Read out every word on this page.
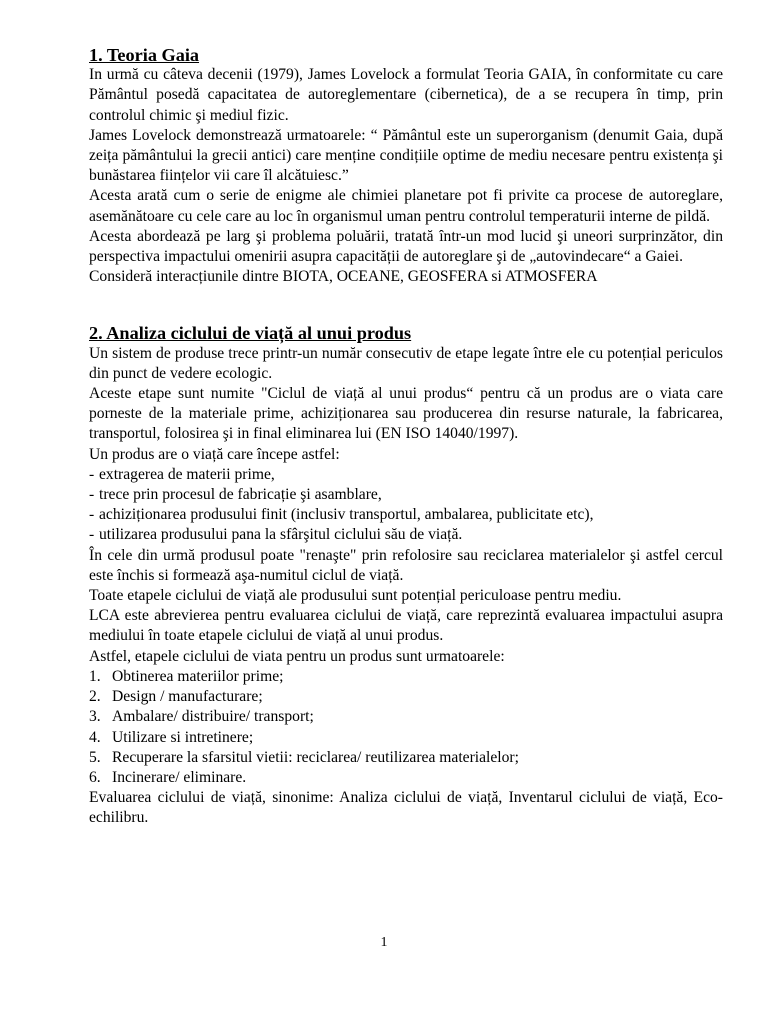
1. Teoria Gaia

In urmă cu câteva decenii (1979), James Lovelock a formulat Teoria GAIA, în conformitate cu care Pământul posedă capacitatea de autoreglementare (cibernetica), de a se recupera în timp, prin controlul chimic şi mediul fizic.

James Lovelock demonstrează urmatoarele: “ Pământul este un superorganism (denumit Gaia, după zeița pământului la grecii antici) care menține condițiile optime de mediu necesare pentru existența şi bunăstarea ființelor vii care îl alcătuiesc.”

Acesta arată cum o serie de enigme ale chimiei planetare pot fi privite ca procese de autoreglare, asemănătoare cu cele care au loc în organismul uman pentru controlul temperaturii interne de pildă.

Acesta abordează pe larg şi problema poluării, tratată într-un mod lucid şi uneori surprinzător, din perspectiva impactului omenirii asupra capacității de autoreglare şi de „autovindecare“ a Gaiei.

Consideră interacțiunile dintre BIOTA, OCEANE, GEOSFERA si ATMOSFERA

2. Analiza ciclului de viață al unui produs

Un sistem de produse trece printr-un număr consecutiv de etape legate între ele cu potențial periculos din punct de vedere ecologic.

Aceste etape sunt numite "Ciclul de viață al unui produs“ pentru că un produs are o viata care porneste de la materiale prime, achiziționarea sau producerea din resurse naturale, la fabricarea, transportul, folosirea şi in final eliminarea lui (EN ISO 14040/1997).

Un produs are o viață care începe astfel:

- extragerea de materii prime,
- trece prin procesul de fabricație şi asamblare,
- achiziționarea produsului finit (inclusiv transportul, ambalarea, publicitate etc),
- utilizarea produsului pana la sfârşitul ciclului său de viață.

În cele din urmă produsul poate "renaşte" prin refolosire sau reciclarea materialelor şi astfel cercul este închis si formează aşa-numitul ciclul de viață.

Toate etapele ciclului de viață ale produsului sunt potențial periculoase pentru mediu.

LCA este abrevierea pentru evaluarea ciclului de viață, care reprezintă evaluarea impactului asupra mediului în toate etapele ciclului de viață al unui produs.

Astfel, etapele ciclului de viata pentru un produs sunt urmatoarele:

1. Obtinerea materiilor prime;
2. Design / manufacturare;
3. Ambalare/ distribuire/ transport;
4. Utilizare si intretinere;
5. Recuperare la sfarsitul vietii: reciclarea/ reutilizarea materialelor;
6. Incinerare/ eliminare.

Evaluarea ciclului de viață, sinonime: Analiza ciclului de viață, Inventarul ciclului de viață, Eco-echilibru.

1
